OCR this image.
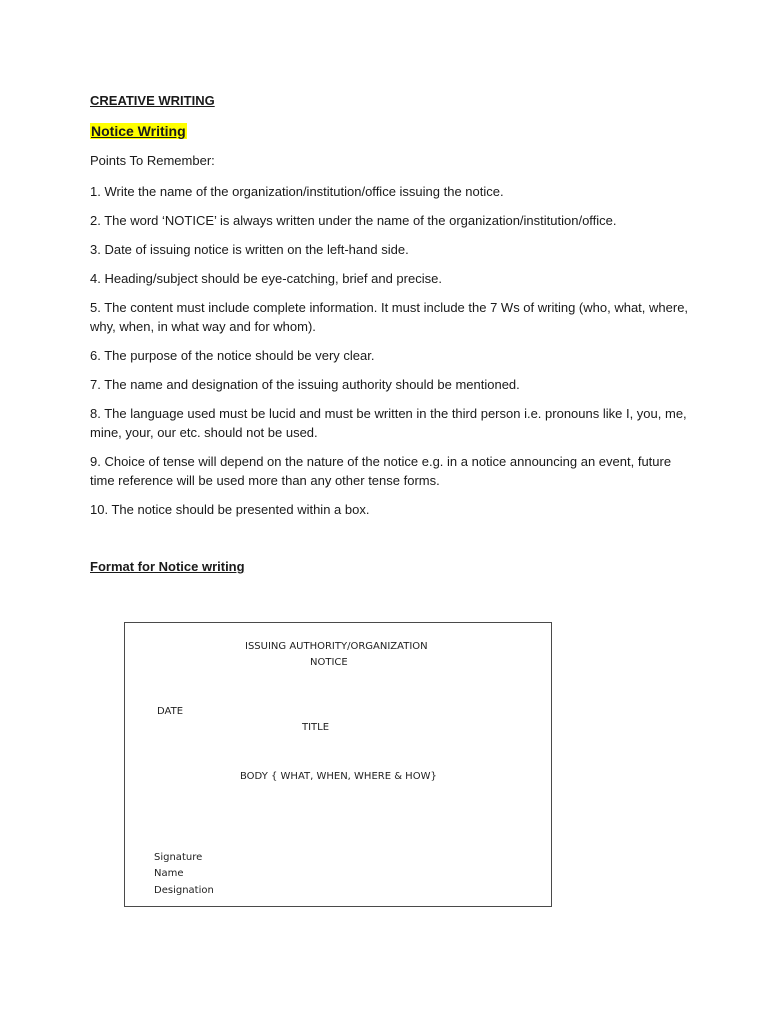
CREATIVE WRITING

Notice Writing

Points To Remember:

1. Write the name of the organization/institution/office issuing the notice.

2. The word ‘NOTICE’ is always written under the name of the organization/institution/office.

3. Date of issuing notice is written on the left-hand side.

4. Heading/subject should be eye-catching, brief and precise.

5. The content must include complete information. It must include the 7 Ws of writing (who, what, where, why, when, in what way and for whom).

6. The purpose of the notice should be very clear.

7. The name and designation of the issuing authority should be mentioned.

8. The language used must be lucid and must be written in the third person i.e. pronouns like I, you, me, mine, your, our etc. should not be used.

9. Choice of tense will depend on the nature of the notice e.g. in a notice announcing an event, future time reference will be used more than any other tense forms.

10. The notice should be presented within a box.

Format for Notice writing

ISSUING AUTHORITY/ORGANIZATION
NOTICE
DATE
TITLE
BODY { WHAT, WHEN, WHERE & HOW}
Signature
Name
Designation
